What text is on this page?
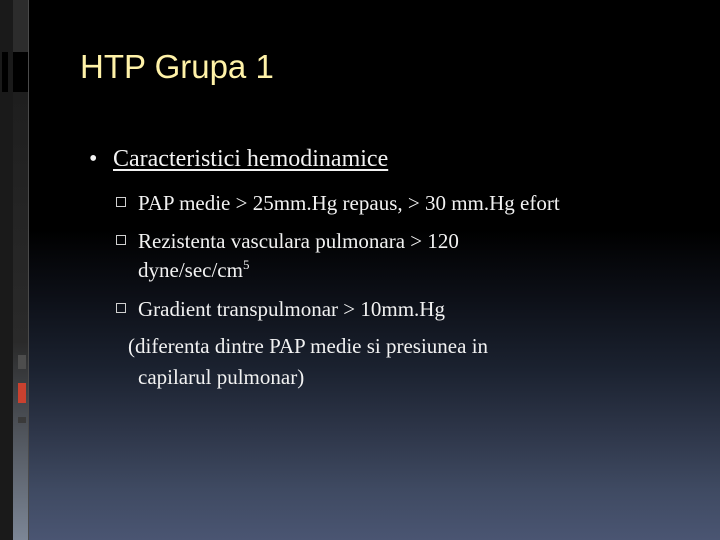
HTP Grupa 1
• Caracteristici hemodinamice
PAP medie > 25mm.Hg repaus, > 30 mm.Hg efort
Rezistenta vasculara pulmonara > 120
dyne/$\sec/cm^5$
Gradient transpulmonar > 10mm.Hg
(diferenta dintre PAP medie si presiunea in
capilarul pulmonar)
